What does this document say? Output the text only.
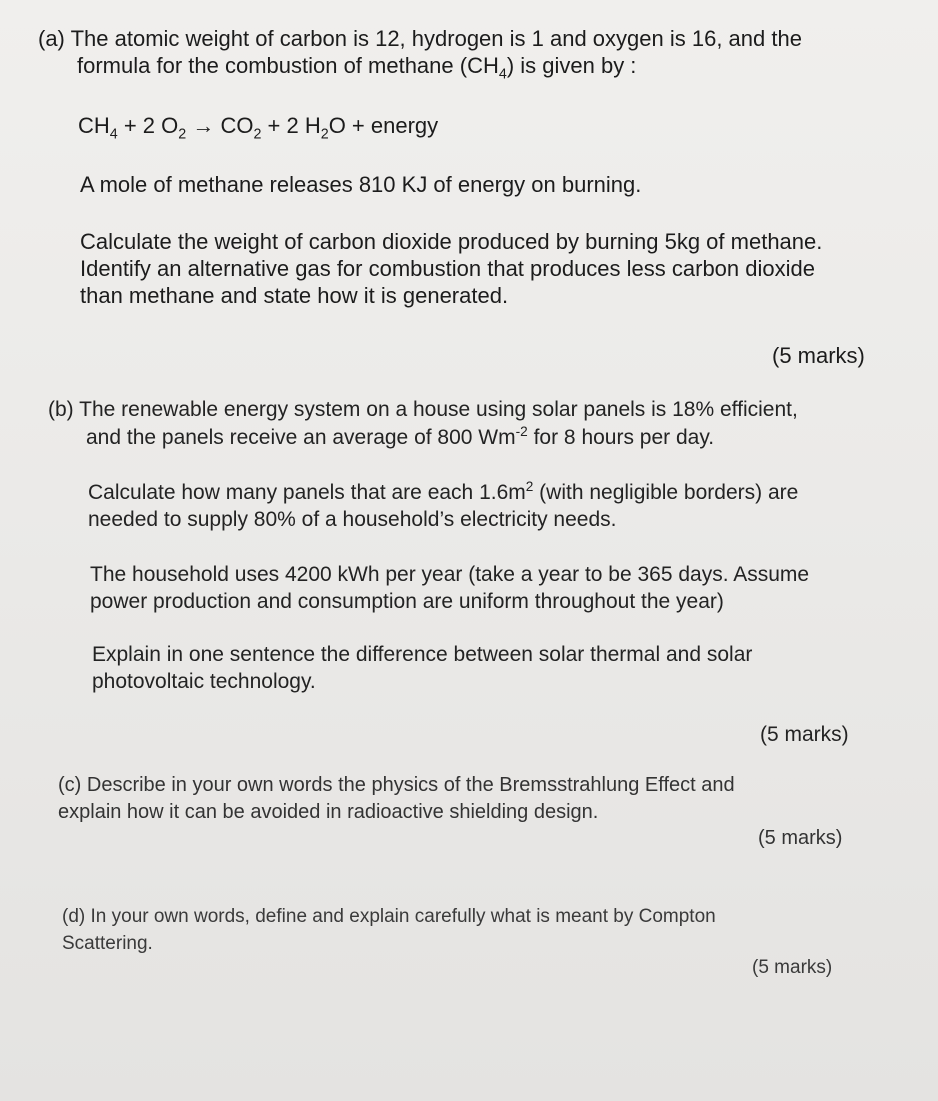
(a) The atomic weight of carbon is 12, hydrogen is 1 and oxygen is 16, and the
formula for the combustion of methane $(CH_4)$ is given by :
$CH_4 + 2$ $O_2 \to CO_2 + 2$ $H_2O$ + energy
A mole of methane releases 810 KJ of energy on burning.
Calculate the weight of carbon dioxide produced by burning 5kg of methane.
Identify an alternative gas for combustion that produces less carbon dioxide
than methane and state how it is generated.
(5 marks)
(b) The renewable energy system on a house using solar panels is 18% efficient,
and the panels receive an average of 800 $Wm^{-2}$ for 8 hours per day.
Calculate how many panels that are each $1.6m^2$ (with negligible borders) are
needed to supply 80% of a household’s electricity needs.
The household uses 4200 kWh per year (take a year to be 365 days. Assume
power production and consumption are uniform throughout the year)
Explain in one sentence the difference between solar thermal and solar
photovoltaic technology.
(5 marks)
(c) Describe in your own words the physics of the Bremsstrahlung Effect and
explain how it can be avoided in radioactive shielding design.
(5 marks)
(d) In your own words, define and explain carefully what is meant by Compton
Scattering.
(5 marks)
